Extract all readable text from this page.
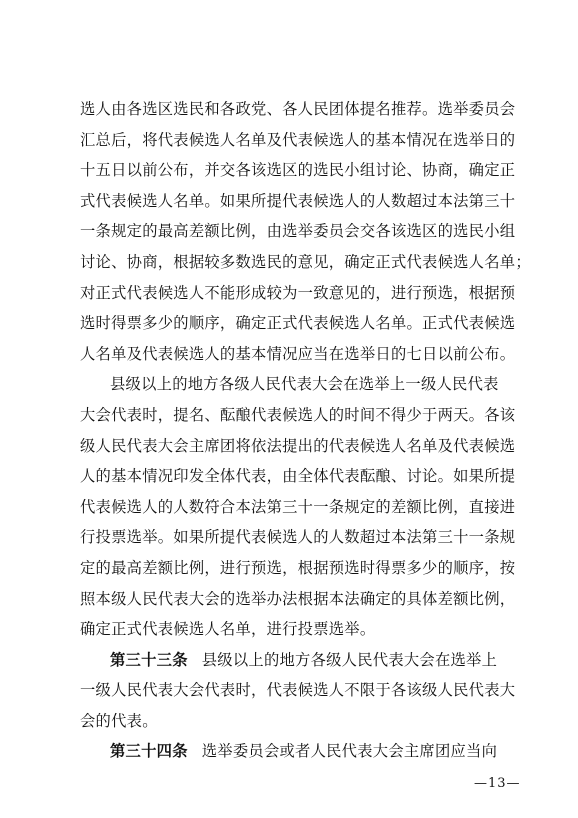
选人由各选区选民和各政党、各人民团体提名推荐。选举委员会
汇总后，将代表候选人名单及代表候选人的基本情况在选举日的
十五日以前公布，并交各该选区的选民小组讨论、协商，确定正
式代表候选人名单。如果所提代表候选人的人数超过本法第三十
一条规定的最高差额比例，由选举委员会交各该选区的选民小组
讨论、协商，根据较多数选民的意见，确定正式代表候选人名单；
对正式代表候选人不能形成较为一致意见的，进行预选，根据预
选时得票多少的顺序，确定正式代表候选人名单。正式代表候选
人名单及代表候选人的基本情况应当在选举日的七日以前公布。
县级以上的地方各级人民代表大会在选举上一级人民代表
大会代表时，提名、酝酿代表候选人的时间不得少于两天。各该
级人民代表大会主席团将依法提出的代表候选人名单及代表候选
人的基本情况印发全体代表，由全体代表酝酿、讨论。如果所提
代表候选人的人数符合本法第三十一条规定的差额比例，直接进
行投票选举。如果所提代表候选人的人数超过本法第三十一条规
定的最高差额比例，进行预选，根据预选时得票多少的顺序，按
照本级人民代表大会的选举办法根据本法确定的具体差额比例，
确定正式代表候选人名单，进行投票选举。
第三十三条 县级以上的地方各级人民代表大会在选举上
一级人民代表大会代表时，代表候选人不限于各该级人民代表大
会的代表。
第三十四条 选举委员会或者人民代表大会主席团应当向
—13—
